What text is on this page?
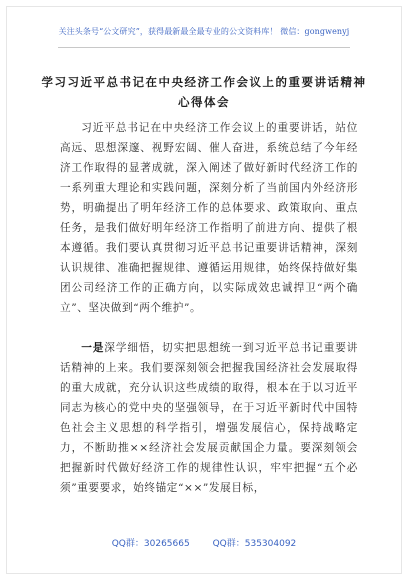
关注头条号“公文研究”，获得最新最全最专业的公文资料库！ 微信：gongwenyj
学习习近平总书记在中央经济工作会议上的重要讲话精神
心得体会

习近平总书记在中央经济工作会议上的重要讲话，站位高远、思想深邃、视野宏阔、催人奋进，系统总结了今年经济工作取得的显著成就，深入阐述了做好新时代经济工作的一系列重大理论和实践问题，深刻分析了当前国内外经济形势，明确提出了明年经济工作的总体要求、政策取向、重点任务，是我们做好明年经济工作指明了前进方向、提供了根本遵循。我们要认真贯彻习近平总书记重要讲话精神，深刻认识规律、准确把握规律、遵循运用规律，始终保持做好集团公司经济工作的正确方向，以实际成效忠诚捍卫“两个确立”、坚决做到“两个维护”。

一是深学细悟，切实把思想统一到习近平总书记重要讲话精神的上来。我们要深刻领会把握我国经济社会发展取得的重大成就，充分认识这些成绩的取得，根本在于以习近平同志为核心的党中央的坚强领导，在于习近平新时代中国特色社会主义思想的科学指引，增强发展信心，保持战略定力，不断助推××经济社会发展贡献国企力量。要深刻领会把握新时代做好经济工作的规律性认识，牢牢把握“五个必须”重要要求，始终锚定“××”发展目标，

QQ群：30265665	QQ群：535304092
